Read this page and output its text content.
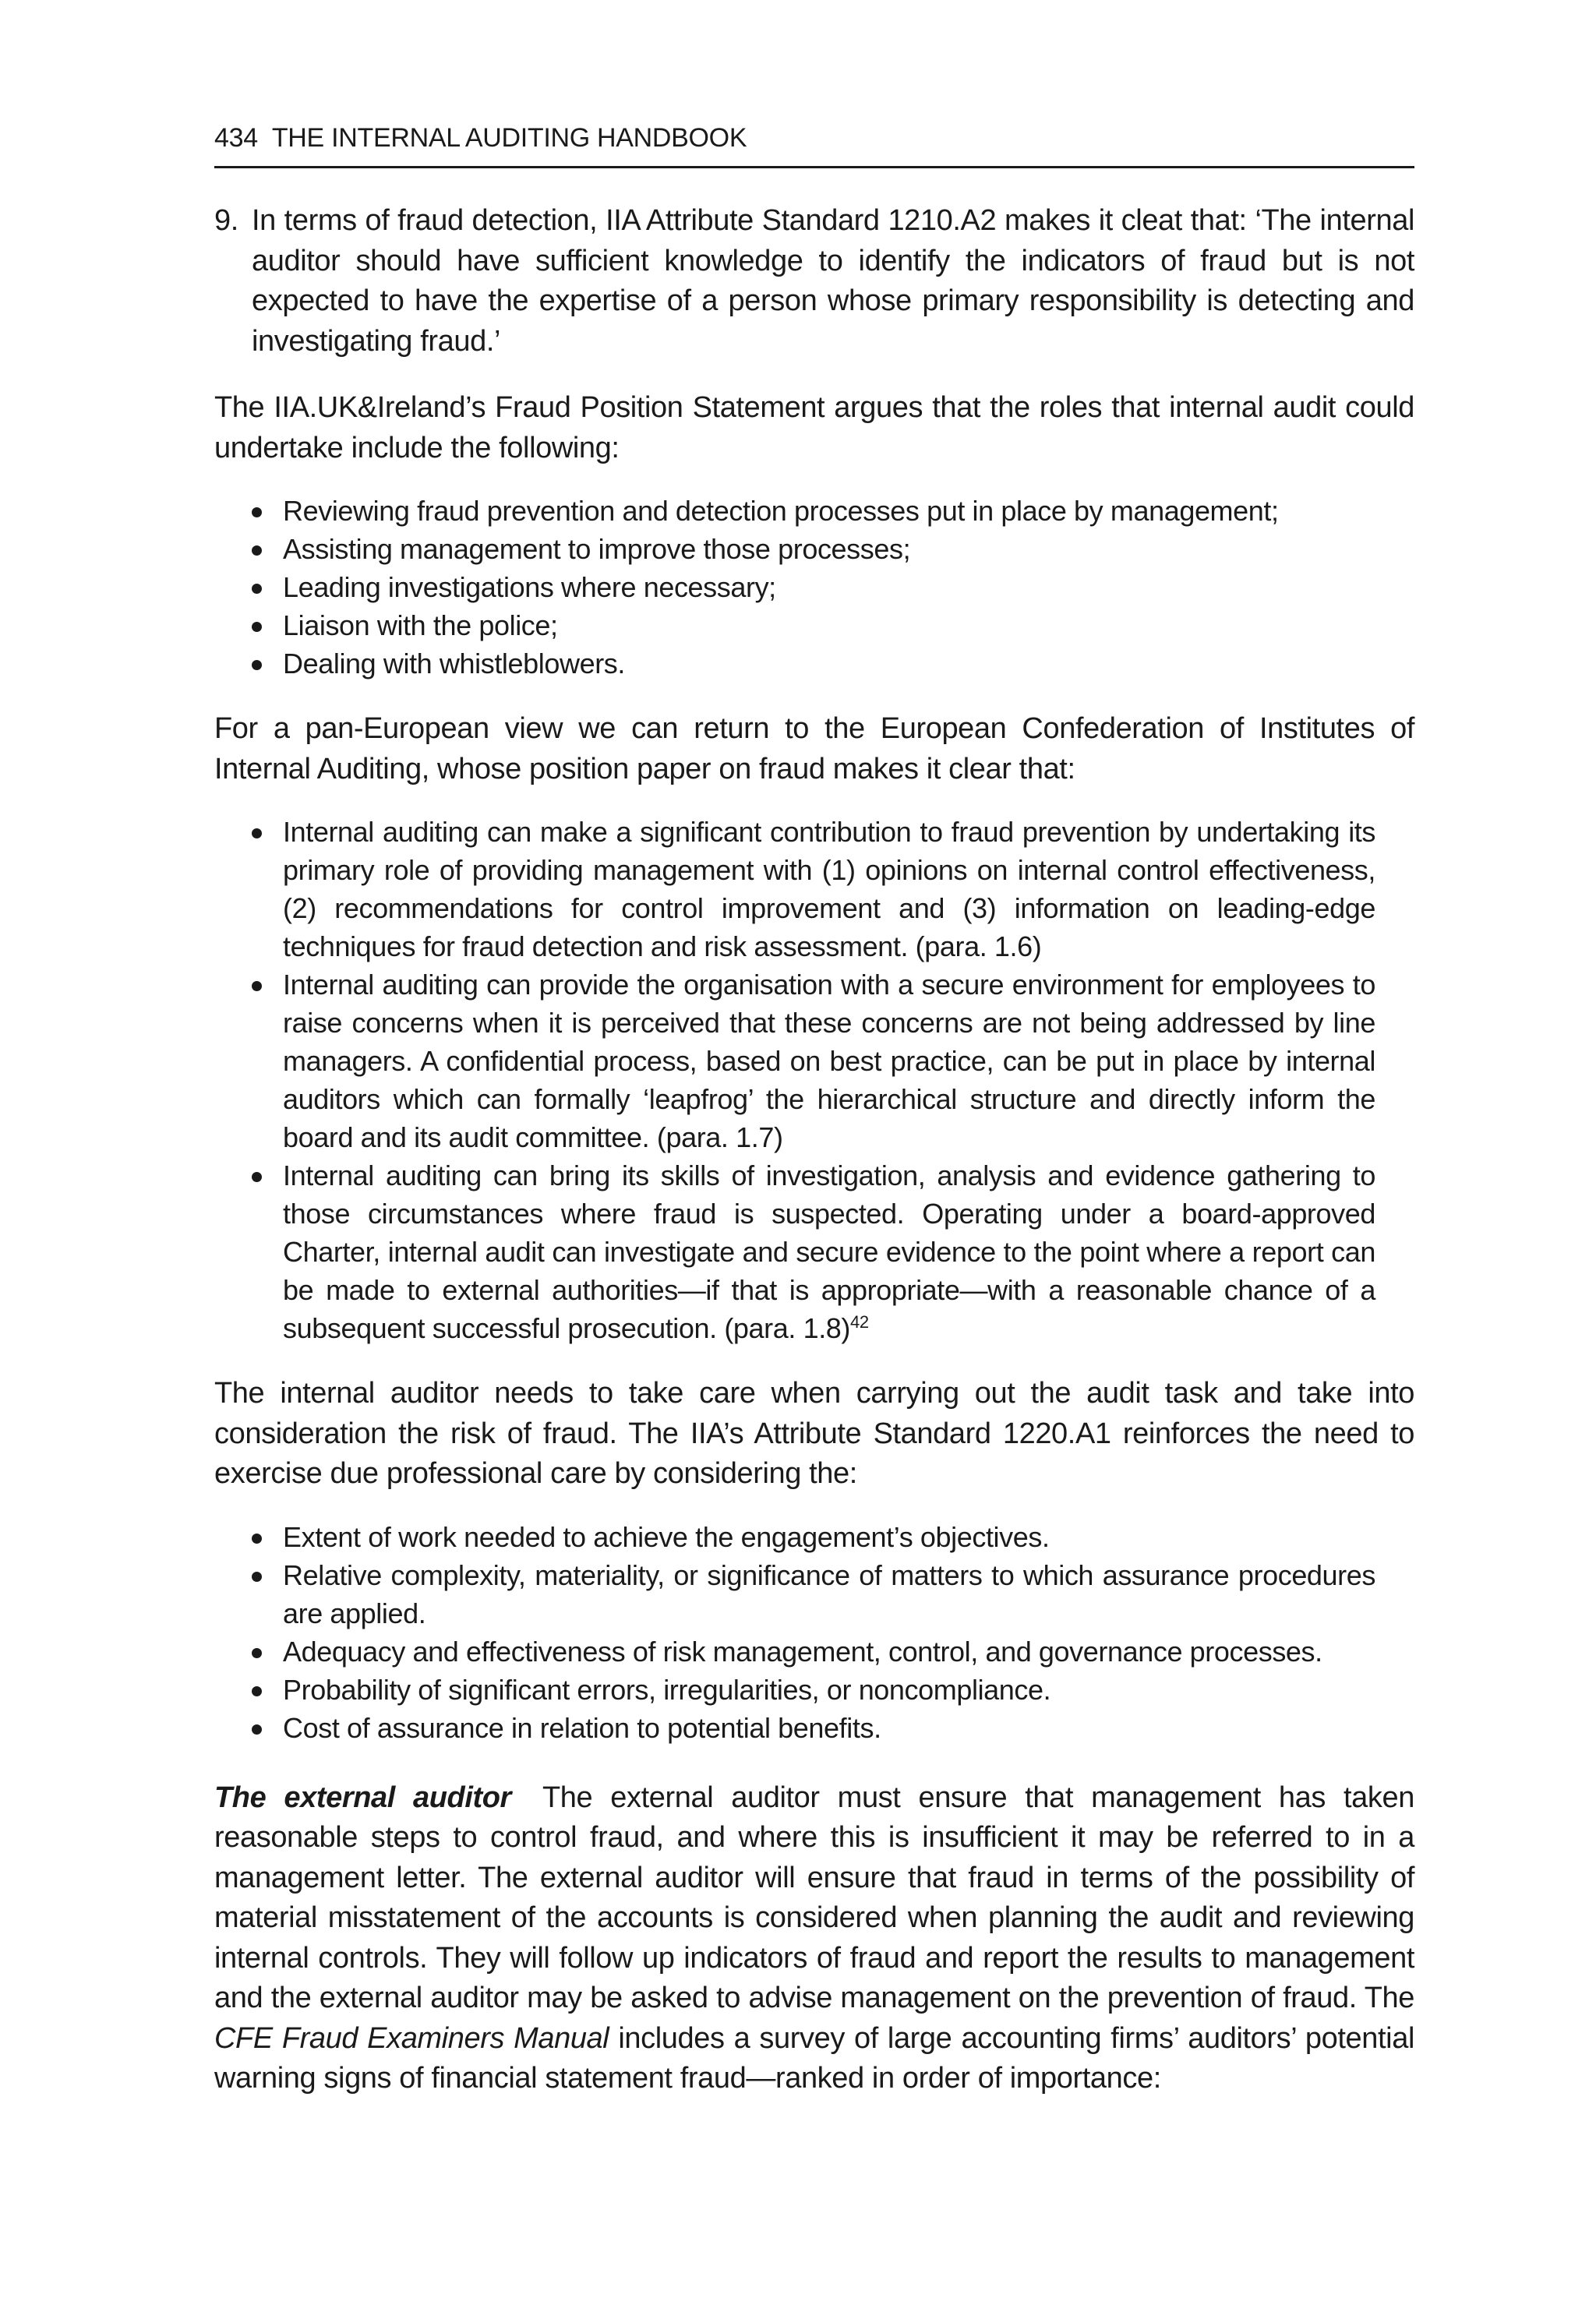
434 THE INTERNAL AUDITING HANDBOOK
9. In terms of fraud detection, IIA Attribute Standard 1210.A2 makes it cleat that: ‘The internal auditor should have sufficient knowledge to identify the indicators of fraud but is not expected to have the expertise of a person whose primary responsibility is detecting and investigating fraud.’

The IIA.UK&Ireland’s Fraud Position Statement argues that the roles that internal audit could undertake include the following:

Reviewing fraud prevention and detection processes put in place by management;
Assisting management to improve those processes;
Leading investigations where necessary;
Liaison with the police;
Dealing with whistleblowers.

For a pan-European view we can return to the European Confederation of Institutes of Internal Auditing, whose position paper on fraud makes it clear that:

Internal auditing can make a significant contribution to fraud prevention by undertaking its primary role of providing management with (1) opinions on internal control effectiveness, (2) recommendations for control improvement and (3) information on leading-edge techniques for fraud detection and risk assessment. (para. 1.6)
Internal auditing can provide the organisation with a secure environment for employees to raise concerns when it is perceived that these concerns are not being addressed by line managers. A confidential process, based on best practice, can be put in place by internal auditors which can formally ‘leapfrog’ the hierarchical structure and directly inform the board and its audit committee. (para. 1.7)
Internal auditing can bring its skills of investigation, analysis and evidence gathering to those circumstances where fraud is suspected. Operating under a board-approved Charter, internal audit can investigate and secure evidence to the point where a report can be made to external authorities—if that is appropriate—with a reasonable chance of a subsequent successful prosecution. (para. 1.8)$^{42}$

The internal auditor needs to take care when carrying out the audit task and take into consideration the risk of fraud. The IIA’s Attribute Standard 1220.A1 reinforces the need to exercise due professional care by considering the:

Extent of work needed to achieve the engagement’s objectives.
Relative complexity, materiality, or significance of matters to which assurance procedures are applied.
Adequacy and effectiveness of risk management, control, and governance processes.
Probability of significant errors, irregularities, or noncompliance.
Cost of assurance in relation to potential benefits.

The external auditor The external auditor must ensure that management has taken reasonable steps to control fraud, and where this is insufficient it may be referred to in a management letter. The external auditor will ensure that fraud in terms of the possibility of material misstatement of the accounts is considered when planning the audit and reviewing internal controls. They will follow up indicators of fraud and report the results to management and the external auditor may be asked to advise management on the prevention of fraud. The CFE Fraud Examiners Manual includes a survey of large accounting firms’ auditors’ potential warning signs of financial statement fraud—ranked in order of importance:
